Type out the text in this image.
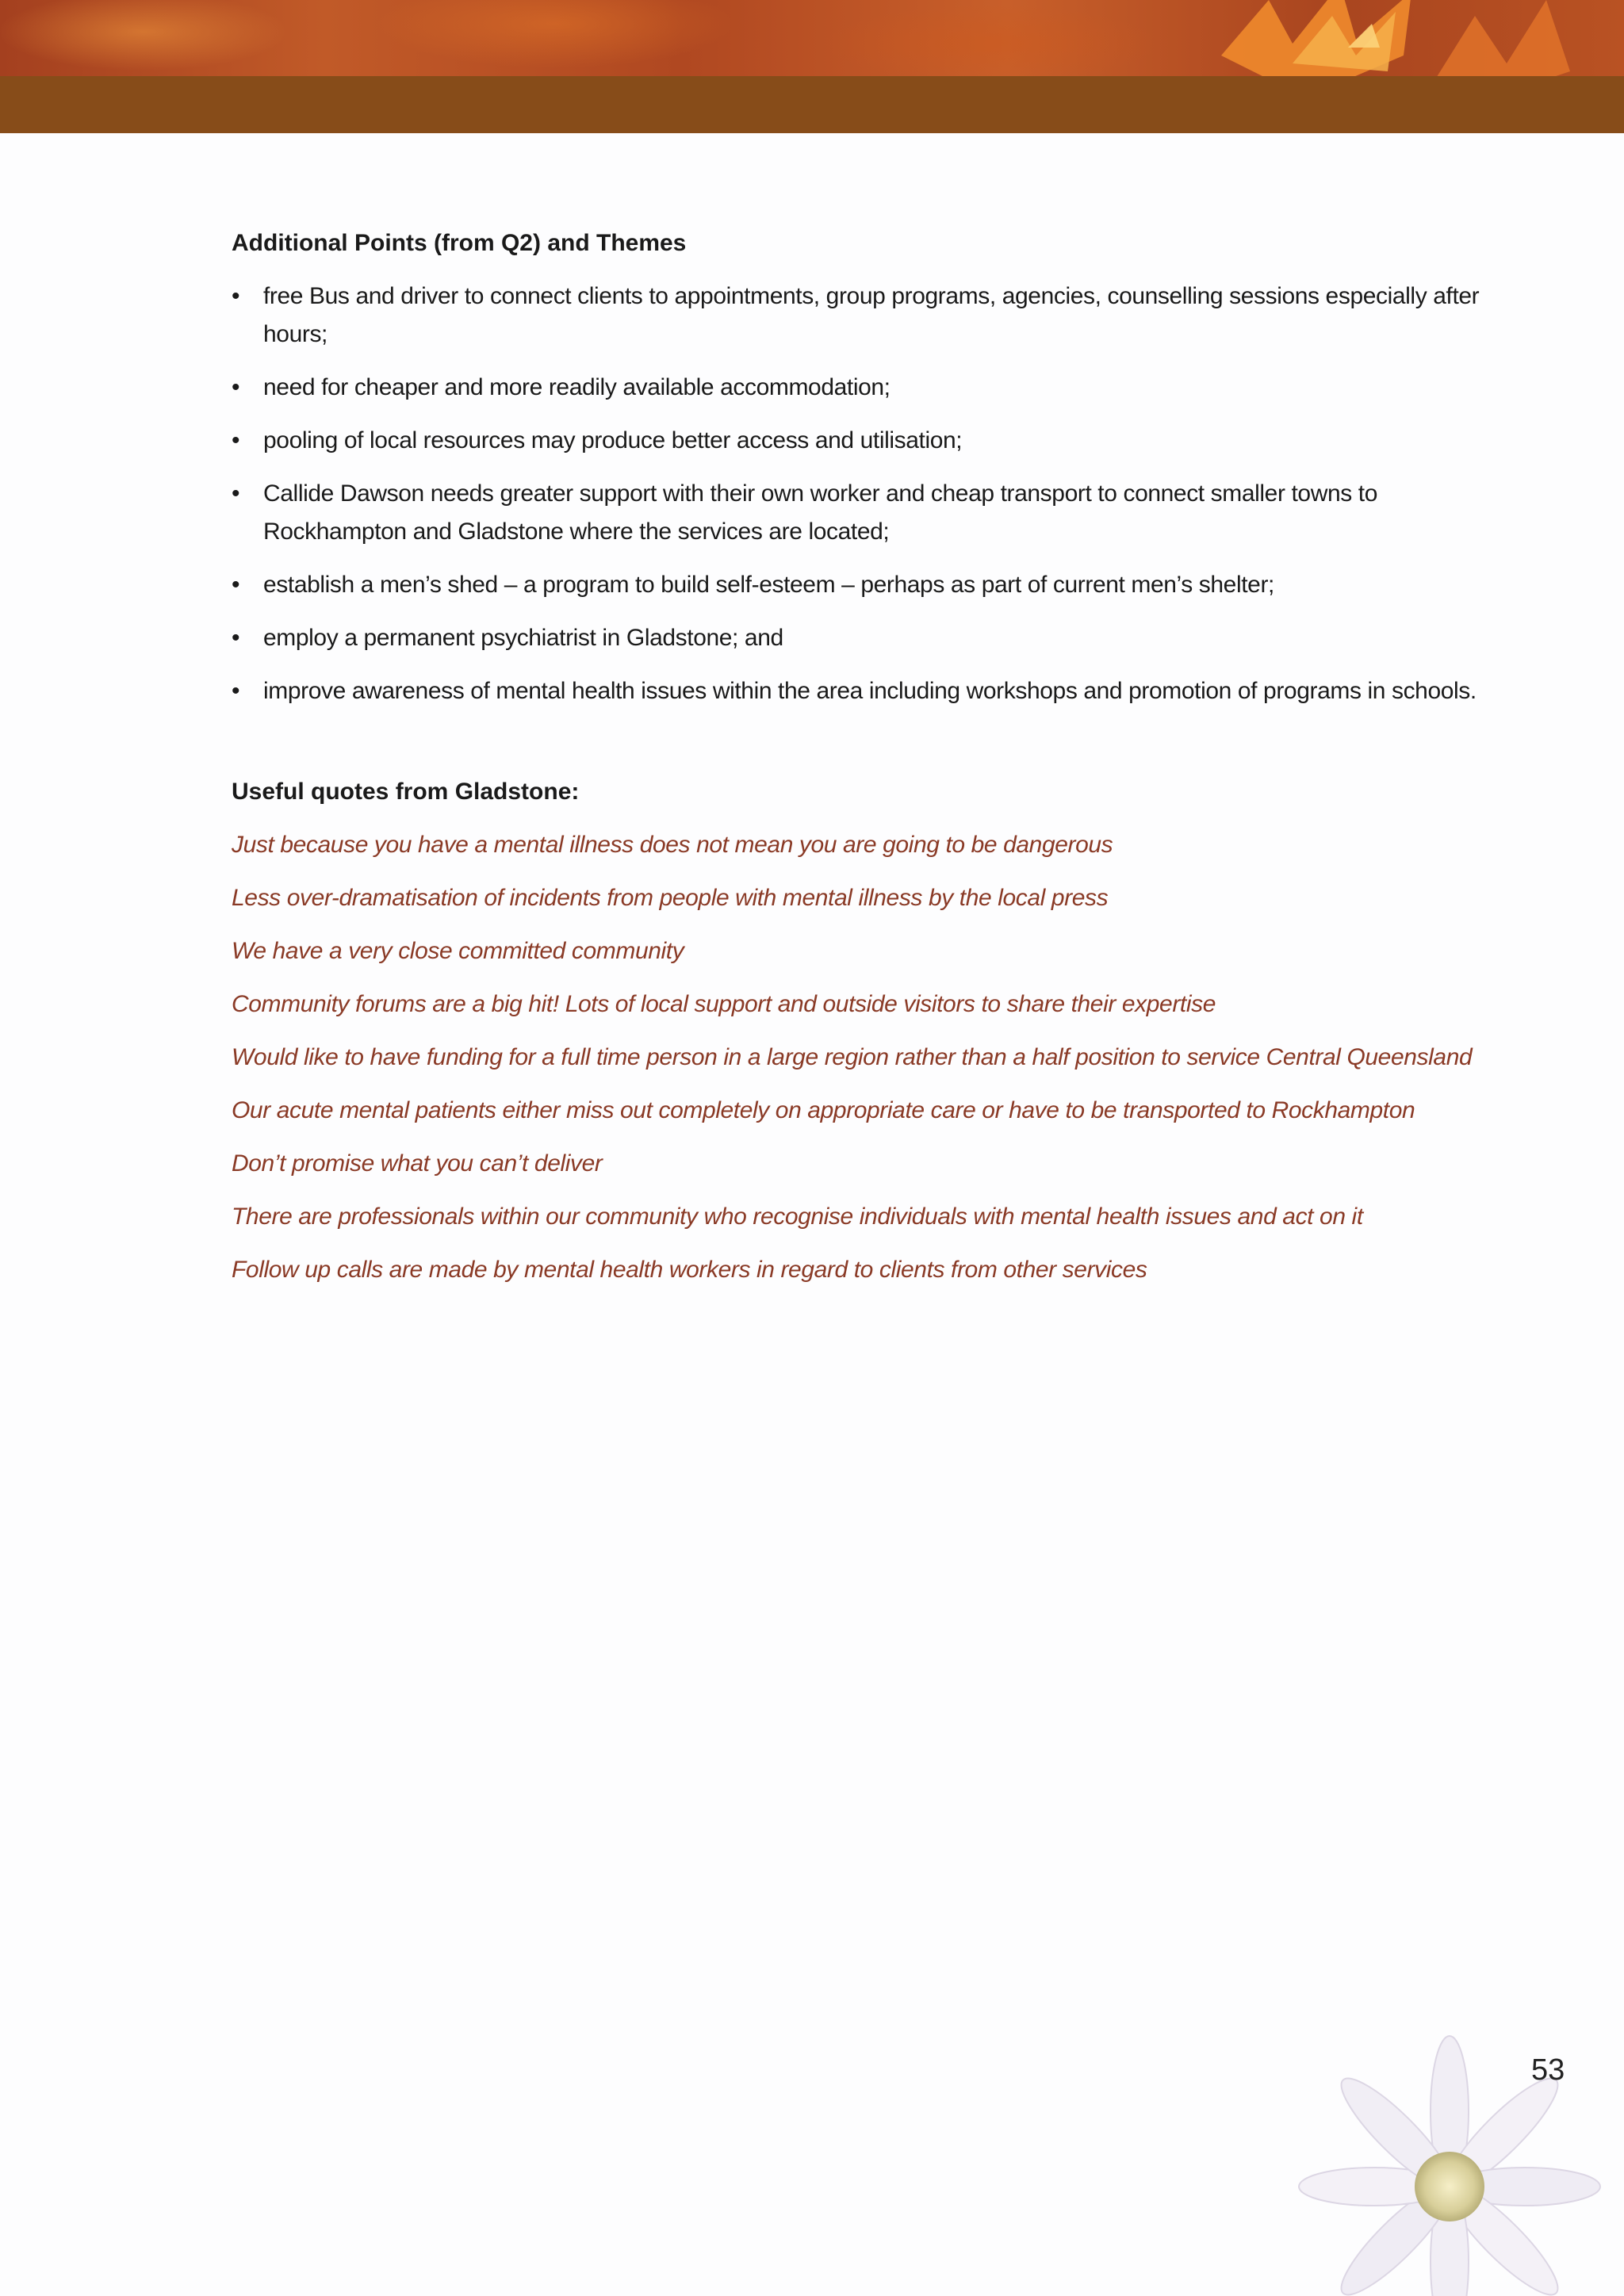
Additional Points (from Q2) and Themes
• free Bus and driver to connect clients to appointments, group programs, agencies, counselling sessions especially after hours;
• need for cheaper and more readily available accommodation;
• pooling of local resources may produce better access and utilisation;
• Callide Dawson needs greater support with their own worker and cheap transport to connect smaller towns to Rockhampton and Gladstone where the services are located;
• establish a men’s shed – a program to build self-esteem – perhaps as part of current men’s shelter;
• employ a permanent psychiatrist in Gladstone; and
• improve awareness of mental health issues within the area including workshops and promotion of programs in schools.
Useful quotes from Gladstone:

Just because you have a mental illness does not mean you are going to be dangerous

Less over-dramatisation of incidents from people with mental illness by the local press

We have a very close committed community

Community forums are a big hit! Lots of local support and outside visitors to share their expertise

Would like to have funding for a full time person in a large region rather than a half position to service Central Queensland

Our acute mental patients either miss out completely on appropriate care or have to be transported to Rockhampton

Don’t promise what you can’t deliver

There are professionals within our community who recognise individuals with mental health issues and act on it

Follow up calls are made by mental health workers in regard to clients from other services

53
